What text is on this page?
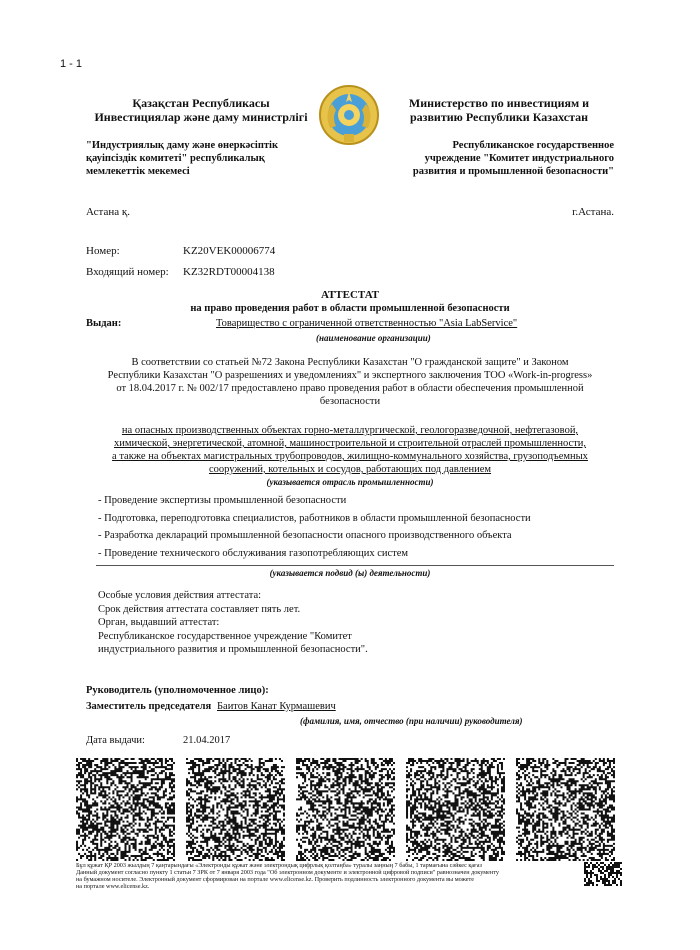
1 - 1
Қазақстан Республикасы
Инвестициялар және даму министрлігі
Министерство по инвестициям и
развитию Республики Казахстан
"Индустриялық даму және өнеркәсіптік
қауіпсіздік комитеті" республикалық
мемлекеттік мекемесі
Республиканское государственное
учреждение "Комитет индустриального
развития и промышленной безопасности"
Астана қ.	г.Астана.
Номер:	KZ20VEK00006774
Входящий номер: KZ32RDT00004138
АТТЕСТАТ
на право проведения работ в области промышленной безопасности
Выдан:	Товарищество с ограниченной ответственностью "Asia LabService"
(наименование организации)
В соответствии со статьей №72 Закона Республики Казахстан "О гражданской защите" и Законом
Республики Казахстан "О разрешениях и уведомлениях" и экспертного заключения ТОО «Work-in-progress»
от 18.04.2017 г. № 002/17 предоставлено право проведения работ в области обеспечения промышленной
безопасности
на опасных производственных объектах горно-металлургической, геологоразведочной, нефтегазовой,
химической, энергетической, атомной, машиностроительной и строительной отраслей промышленности,
а также на объектах магистральных трубопроводов, жилищно-коммунального хозяйства, грузоподъемных
сооружений, котельных и сосудов, работающих под давлением
(указывается отрасль промышленности)
- Проведение экспертизы промышленной безопасности
- Подготовка, переподготовка специалистов, работников в области промышленной безопасности
- Разработка деклараций промышленной безопасности опасного производственного объекта
- Проведение технического обслуживания газопотребляющих систем
(указывается подвид (ы) деятельности)
Особые условия действия аттестата:
Срок действия аттестата составляет пять лет.
Орган, выдавший аттестат:
Республиканское государственное учреждение "Комитет
индустриального развития и промышленной безопасности".
Руководитель (уполномоченное лицо):
Заместитель председателя Баитов Канат Курмашевич
(фамилия, имя, отчество (при наличии) руководителя)
Дата выдачи:	21.04.2017
Бұл құжат ҚР 2003 жылдың 7 қаңтарындағы «Электронды құжат және электрондық цифрлық қолтаңба» туралы заңның 7 бабы, 1 тармағына сәйкес қағаз
Данный документ согласно пункту 1 статьи 7 ЗРК от 7 января 2003 года "Об электронном документе и электронной цифровой подписи" равнозначен документу
на бумажном носителе. Электронный документ сформирован на портале www.elicense.kz. Проверить подлинность электронного документа вы можете
на портале www.elicense.kz.
